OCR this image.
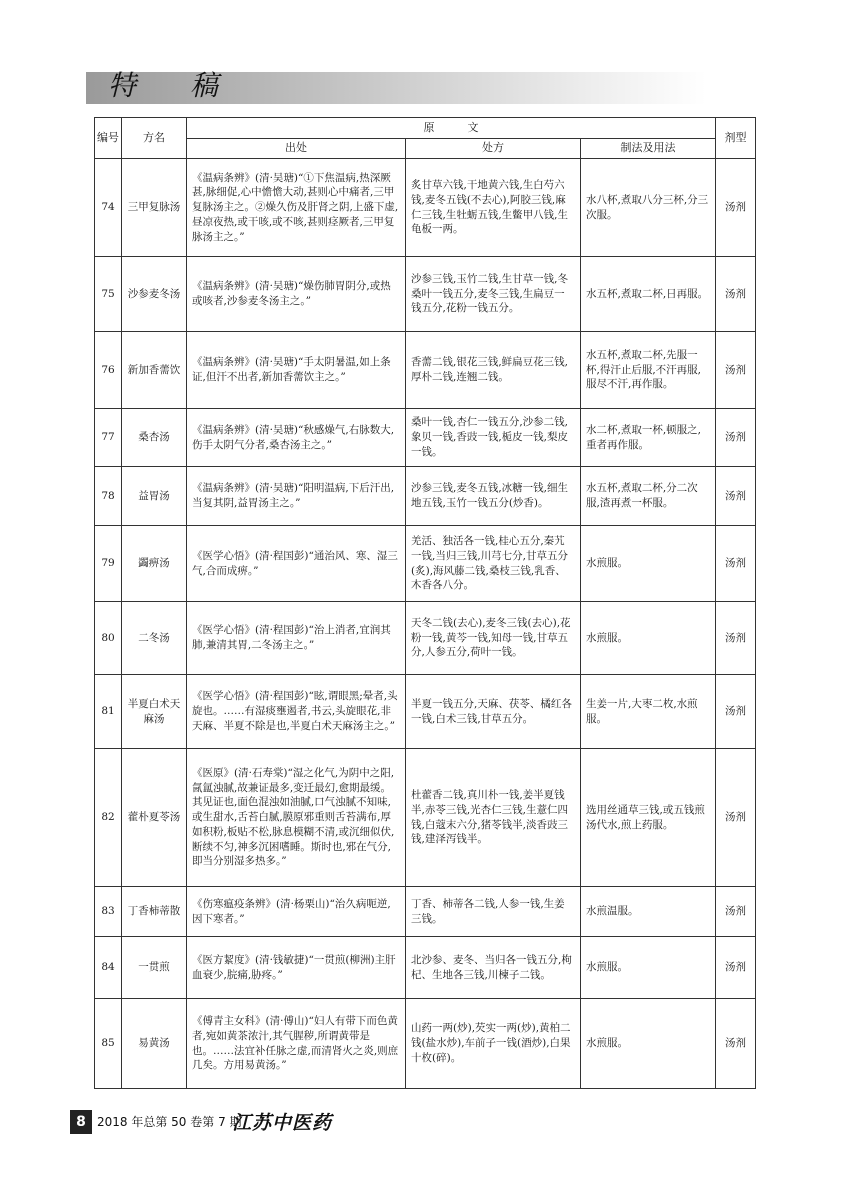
特稿
编号	方名	原　　　文			剂型
		出处	处方	制法及用法	
74	三甲复脉汤	《温病条辨》(清·吴瑭)“①下焦温病,热深厥甚,脉细促,心中憺憺大动,甚则心中痛者,三甲复脉汤主之。②燥久伤及肝肾之阴,上盛下虚,昼凉夜热,或干咳,或不咳,甚则痉厥者,三甲复脉汤主之。”	炙甘草六钱,干地黄六钱,生白芍六钱,麦冬五钱(不去心),阿胶三钱,麻仁三钱,生牡蛎五钱,生鳖甲八钱,生龟板一两。	水八杯,煮取八分三杯,分三次服。	汤剂
75	沙参麦冬汤	《温病条辨》(清·吴瑭)“燥伤肺胃阴分,或热或咳者,沙参麦冬汤主之。”	沙参三钱,玉竹二钱,生甘草一钱,冬桑叶一钱五分,麦冬三钱,生扁豆一钱五分,花粉一钱五分。	水五杯,煮取二杯,日再服。	汤剂
76	新加香薷饮	《温病条辨》(清·吴瑭)“手太阴暑温,如上条证,但汗不出者,新加香薷饮主之。”	香薷二钱,银花三钱,鲜扁豆花三钱,厚朴二钱,连翘二钱。	水五杯,煮取二杯,先服一杯,得汗止后服,不汗再服,服尽不汗,再作服。	汤剂
77	桑杏汤	《温病条辨》(清·吴瑭)“秋感燥气,右脉数大,伤手太阴气分者,桑杏汤主之。”	桑叶一钱,杏仁一钱五分,沙参二钱,象贝一钱,香豉一钱,栀皮一钱,梨皮一钱。	水二杯,煮取一杯,顿服之,重者再作服。	汤剂
78	益胃汤	《温病条辨》(清·吴瑭)“阳明温病,下后汗出,当复其阴,益胃汤主之。”	沙参三钱,麦冬五钱,冰糖一钱,细生地五钱,玉竹一钱五分(炒香)。	水五杯,煮取二杯,分二次服,渣再煮一杯服。	汤剂
79	蠲痹汤	《医学心悟》(清·程国彭)“通治风、寒、湿三气,合而成痹。”	羌活、独活各一钱,桂心五分,秦艽一钱,当归三钱,川芎七分,甘草五分(炙),海风藤二钱,桑枝三钱,乳香、木香各八分。	水煎服。	汤剂
80	二冬汤	《医学心悟》(清·程国彭)“治上消者,宜润其肺,兼清其胃,二冬汤主之。”	天冬二钱(去心),麦冬三钱(去心),花粉一钱,黄芩一钱,知母一钱,甘草五分,人参五分,荷叶一钱。	水煎服。	汤剂
81	半夏白术天麻汤	《医学心悟》(清·程国彭)“眩,谓眼黑;晕者,头旋也。……有湿痰壅遏者,书云,头旋眼花,非天麻、半夏不除是也,半夏白术天麻汤主之。”	半夏一钱五分,天麻、茯苓、橘红各一钱,白术三钱,甘草五分。	生姜一片,大枣二枚,水煎服。	汤剂
82	藿朴夏苓汤	《医原》(清·石寿棠)“湿之化气,为阴中之阳,氤氲浊腻,故兼证最多,变迁最幻,愈期最缓。其见证也,面色混浊如油腻,口气浊腻不知味,或生甜水,舌苔白腻,膜原邪重则舌苔满布,厚如积粉,板贴不松,脉息模糊不清,或沉细似伏,断续不匀,神多沉困嗜睡。斯时也,邪在气分,即当分别湿多热多。”	杜藿香二钱,真川朴一钱,姜半夏钱半,赤苓三钱,光杏仁三钱,生薏仁四钱,白蔻末六分,猪苓钱半,淡香豉三钱,建泽泻钱半。	选用丝通草三钱,或五钱煎汤代水,煎上药服。	汤剂
83	丁香柿蒂散	《伤寒瘟疫条辨》(清·杨栗山)“治久病呃逆,因下寒者。”	丁香、柿蒂各二钱,人参一钱,生姜三钱。	水煎温服。	汤剂
84	一贯煎	《医方絜度》(清·钱敏捷)“一贯煎(柳洲)主肝血衰少,脘痛,胁疼。”	北沙参、麦冬、当归各一钱五分,枸杞、生地各三钱,川楝子二钱。	水煎服。	汤剂
85	易黄汤	《傅青主女科》(清·傅山)“妇人有带下而色黄者,宛如黄茶浓汁,其气腥秽,所谓黄带是也。……法宜补任脉之虚,而清肾火之炎,则庶几矣。方用易黄汤。”	山药一两(炒),芡实一两(炒),黄柏二钱(盐水炒),车前子一钱(酒炒),白果十枚(碎)。	水煎服。	汤剂
8 2018 年总第 50 卷第 7 期
江苏中医药
